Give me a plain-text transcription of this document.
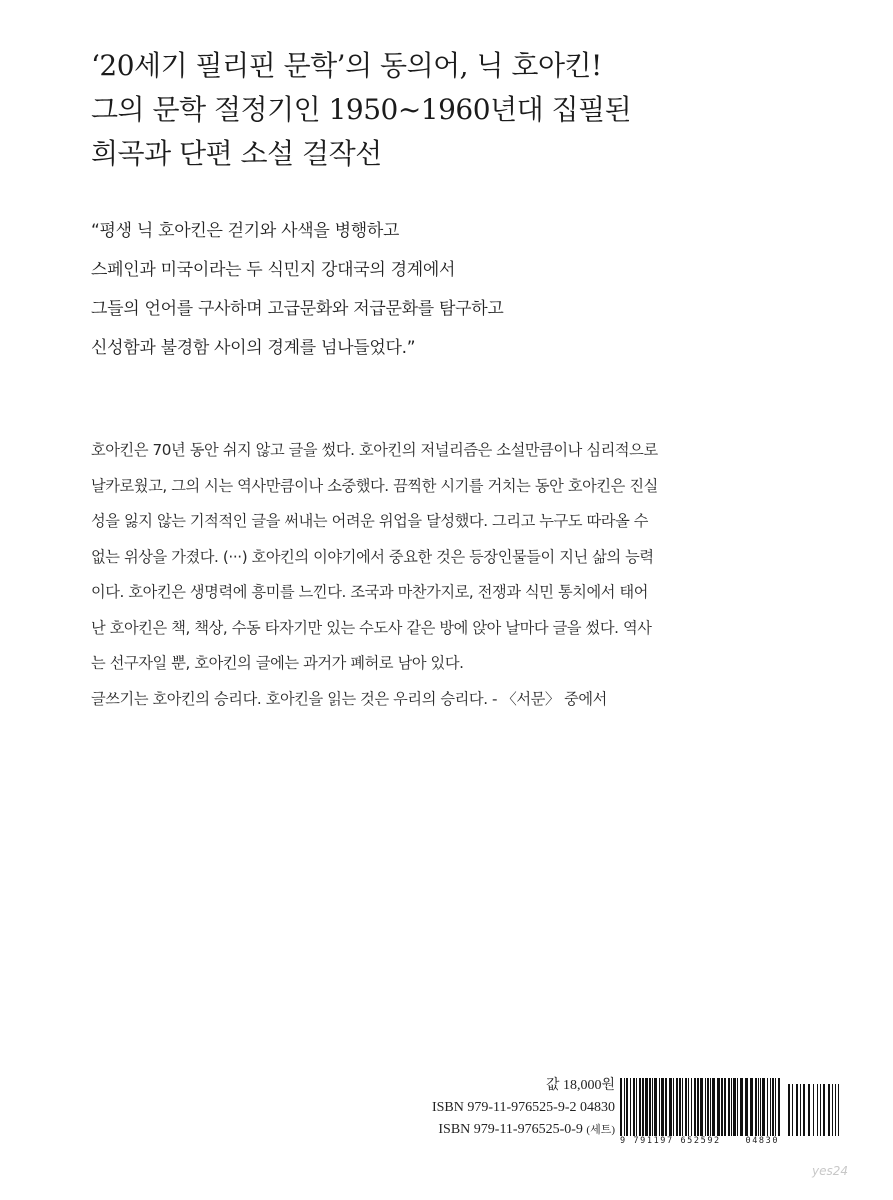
‘20세기 필리핀 문학’의 동의어, 닉 호아킨!
그의 문학 절정기인 1950~1960년대 집필된
희곡과 단편 소설 걸작선
“평생 닉 호아킨은 걷기와 사색을 병행하고
스페인과 미국이라는 두 식민지 강대국의 경계에서
그들의 언어를 구사하며 고급문화와 저급문화를 탐구하고
신성함과 불경함 사이의 경계를 넘나들었다.”
호아킨은 70년 동안 쉬지 않고 글을 썼다. 호아킨의 저널리즘은 소설만큼이나 심리적으로
날카로웠고, 그의 시는 역사만큼이나 소중했다. 끔찍한 시기를 거치는 동안 호아킨은 진실
성을 잃지 않는 기적적인 글을 써내는 어려운 위업을 달성했다. 그리고 누구도 따라올 수
없는 위상을 가졌다. (···) 호아킨의 이야기에서 중요한 것은 등장인물들이 지닌 삶의 능력
이다. 호아킨은 생명력에 흥미를 느낀다. 조국과 마찬가지로, 전쟁과 식민 통치에서 태어
난 호아킨은 책, 책상, 수동 타자기만 있는 수도사 같은 방에 앉아 날마다 글을 썼다. 역사
는 선구자일 뿐, 호아킨의 글에는 과거가 폐허로 남아 있다.
글쓰기는 호아킨의 승리다. 호아킨을 읽는 것은 우리의 승리다. - 〈서문〉 중에서
값 18,000원
ISBN 979-11-976525-9-2 04830
ISBN 979-11-976525-0-9 (세트)
9 791197 652592	04830
yes24
